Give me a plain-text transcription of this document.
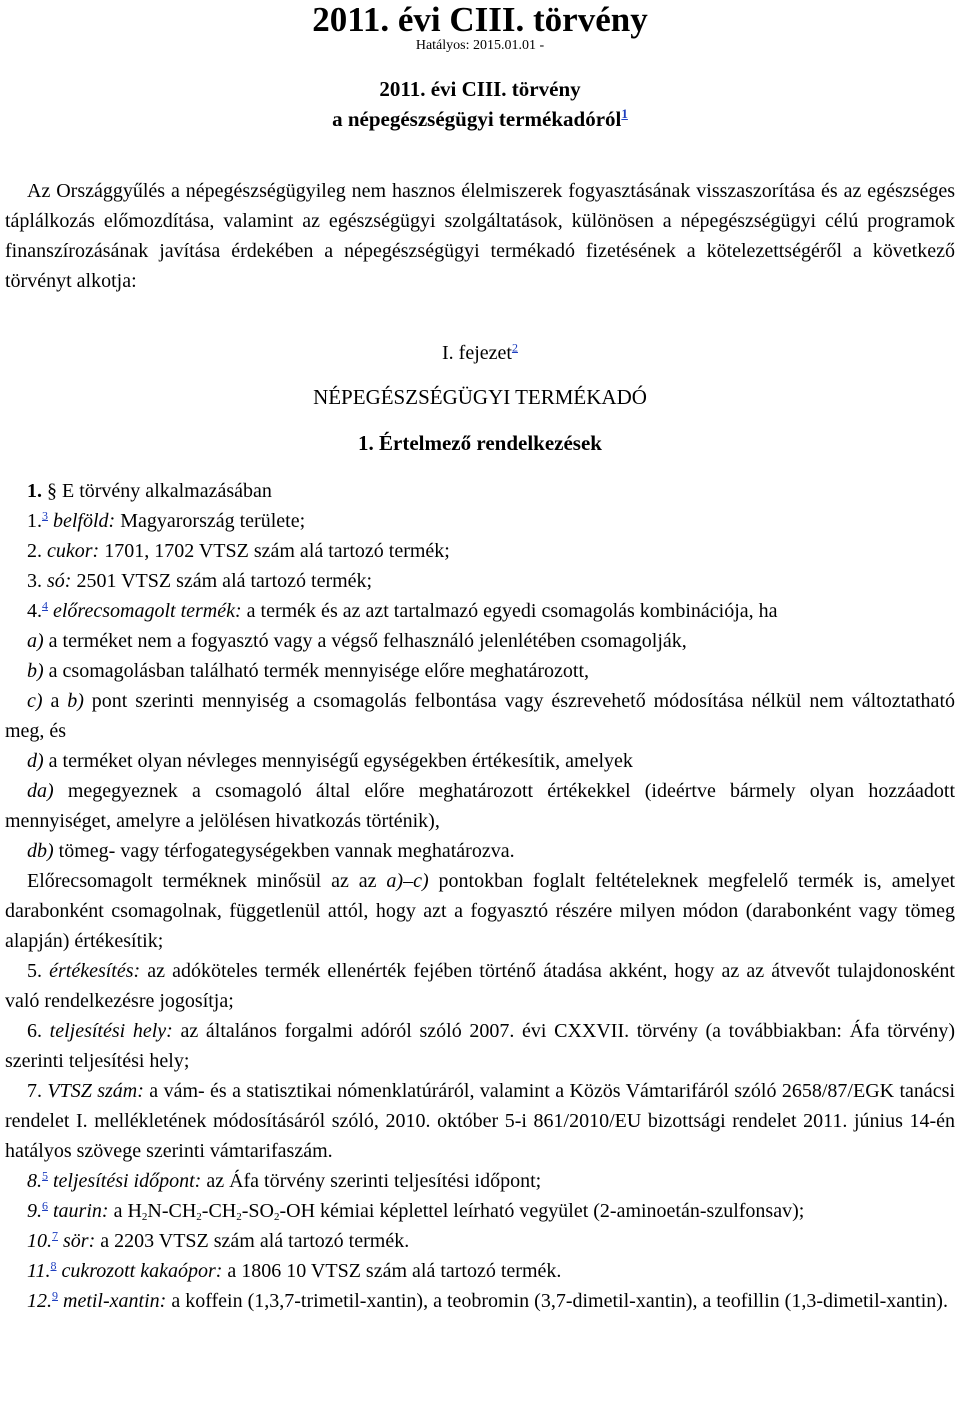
2011. évi CIII. törvény
Hatályos: 2015.01.01 -
2011. évi CIII. törvény
a népegészségügyi termékadóról$^1$

Az Országgyűlés a népegészségügyileg nem hasznos élelmiszerek fogyasztásának visszaszorítása és az egészséges táplálkozás előmozdítása, valamint az egészségügyi szolgáltatások, különösen a népegészségügyi célú programok finanszírozásának javítása érdekében a népegészségügyi termékadó fizetésének a kötelezettségéről a következő törvényt alkotja:

I. fejezet$^2$
NÉPEGÉSZSÉGÜGYI TERMÉKADÓ
1. Értelmező rendelkezések
1. § E törvény alkalmazásában

1.$^3$ belföld: Magyarország területe;

2. cukor: 1701, 1702 VTSZ szám alá tartozó termék;

3. só: 2501 VTSZ szám alá tartozó termék;

4.$^4$ előrecsomagolt termék: a termék és az azt tartalmazó egyedi csomagolás kombinációja, ha

a) a terméket nem a fogyasztó vagy a végső felhasználó jelenlétében csomagolják,

b) a csomagolásban található termék mennyisége előre meghatározott,

c) a b) pont szerinti mennyiség a csomagolás felbontása vagy észrevehető módosítása nélkül nem változtatható meg, és

d) a terméket olyan névleges mennyiségű egységekben értékesítik, amelyek

da) megegyeznek a csomagoló által előre meghatározott értékekkel (ideértve bármely olyan hozzáadott mennyiséget, amelyre a jelölésen hivatkozás történik),

db) tömeg- vagy térfogategységekben vannak meghatározva.

Előrecsomagolt terméknek minősül az az a)–c) pontokban foglalt feltételeknek megfelelő termék is, amelyet darabonként csomagolnak, függetlenül attól, hogy azt a fogyasztó részére milyen módon (darabonként vagy tömeg alapján) értékesítik;

5. értékesítés: az adóköteles termék ellenérték fejében történő átadása akként, hogy az az átvevőt tulajdonosként való rendelkezésre jogosítja;

6. teljesítési hely: az általános forgalmi adóról szóló 2007. évi CXXVII. törvény (a továbbiakban: Áfa törvény) szerinti teljesítési hely;

7. VTSZ szám: a vám- és a statisztikai nómenklatúráról, valamint a Közös Vámtarifáról szóló 2658/87/EGK tanácsi rendelet I. mellékletének módosításáról szóló, 2010. október 5-i 861/2010/EU bizottsági rendelet 2011. június 14-én hatályos szövege szerinti vámtarifaszám.

8.$^5$ teljesítési időpont: az Áfa törvény szerinti teljesítési időpont;

9.$^6$ taurin: a $H_2N-CH_2-CH_2-SO_2-OH$ kémiai képlettel leírható vegyület (2-aminoetán-szulfonsav);

10.$^7$ sör: a 2203 VTSZ szám alá tartozó termék.

11.$^8$ cukrozott kakaópor: a 1806 10 VTSZ szám alá tartozó termék.

12.$^9$ metil-xantin: a koffein (1,3,7-trimetil-xantin), a teobromin (3,7-dimetil-xantin), a teofillin (1,3-dimetil-xantin).
